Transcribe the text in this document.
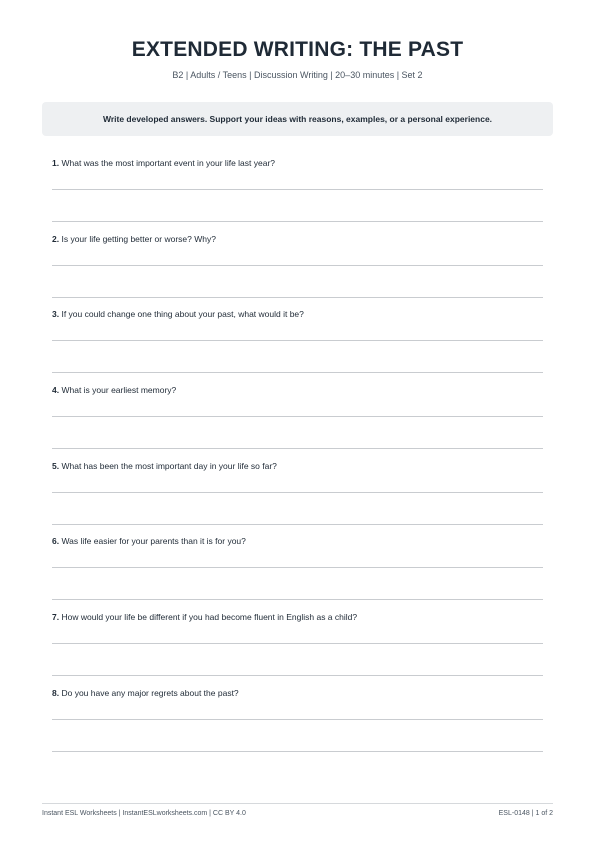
EXTENDED WRITING: THE PAST
B2 | Adults / Teens | Discussion Writing | 20–30 minutes | Set 2
Write developed answers. Support your ideas with reasons, examples, or a personal experience.
1. What was the most important event in your life last year?
2. Is your life getting better or worse? Why?
3. If you could change one thing about your past, what would it be?
4. What is your earliest memory?
5. What has been the most important day in your life so far?
6. Was life easier for your parents than it is for you?
7. How would your life be different if you had become fluent in English as a child?
8. Do you have any major regrets about the past?
Instant ESL Worksheets | InstantESLworksheets.com | CC BY 4.0	ESL-0148 | 1 of 2
